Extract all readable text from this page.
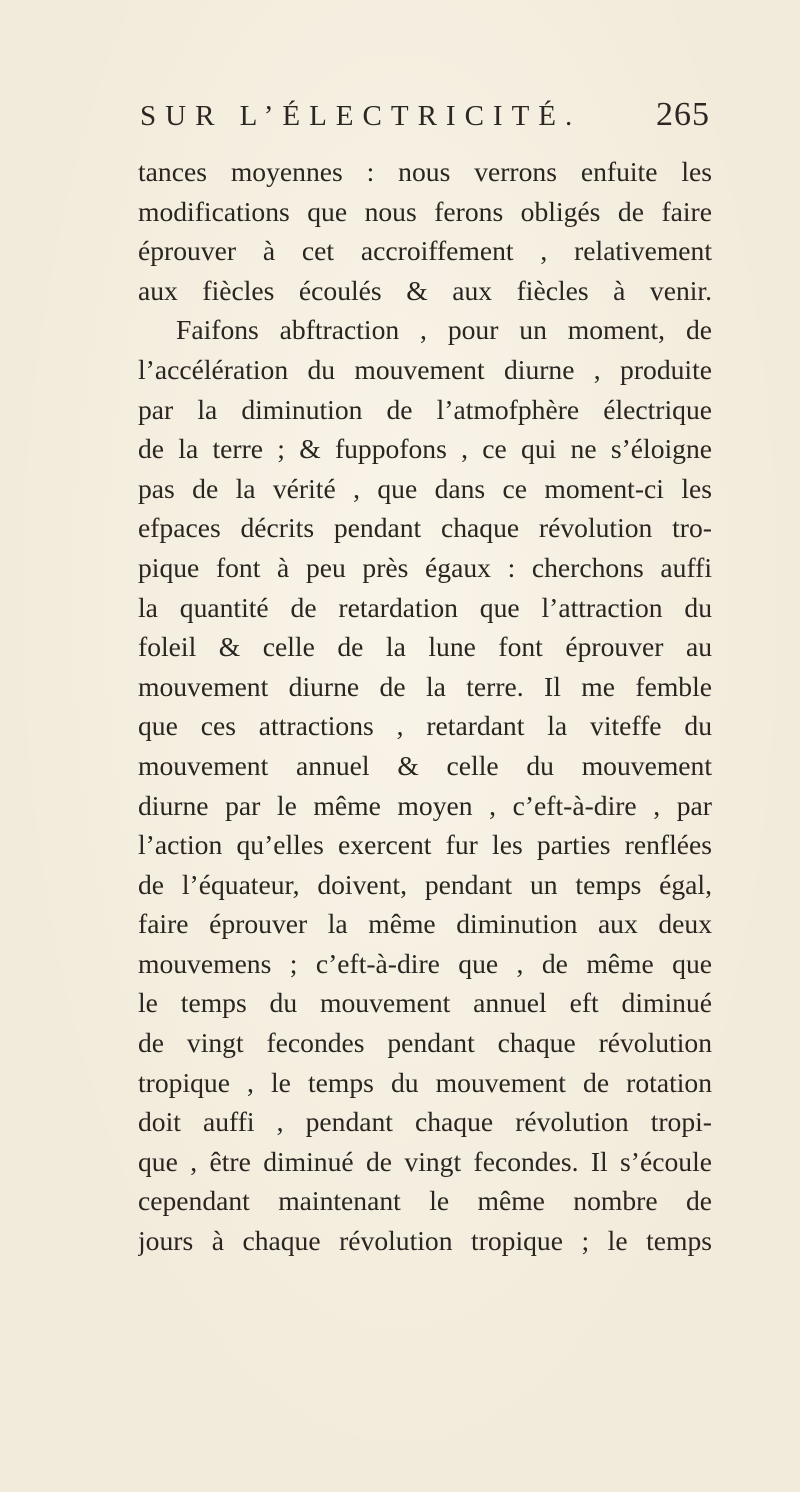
SUR L’ÉLECTRICITÉ. 265
tances moyennes : nous verrons enfuite les
modifications que nous ferons obligés de faire
éprouver à cet accroiffement , relativement
aux fiècles écoulés & aux fiècles à venir.
Faifons abftraction , pour un moment, de
l’accélération du mouvement diurne , produite
par la diminution de l’atmofphère électrique
de la terre ; & fuppofons , ce qui ne s’éloigne
pas de la vérité , que dans ce moment-ci les
efpaces décrits pendant chaque révolution tro-
pique font à peu près égaux : cherchons auffi
la quantité de retardation que l’attraction du
foleil & celle de la lune font éprouver au
mouvement diurne de la terre. Il me femble
que ces attractions , retardant la viteffe du
mouvement annuel & celle du mouvement
diurne par le même moyen , c’eft-à-dire , par
l’action qu’elles exercent fur les parties renflées
de l’équateur, doivent, pendant un temps égal,
faire éprouver la même diminution aux deux
mouvemens ; c’eft-à-dire que , de même que
le temps du mouvement annuel eft diminué
de vingt fecondes pendant chaque révolution
tropique , le temps du mouvement de rotation
doit auffi , pendant chaque révolution tropi-
que , être diminué de vingt fecondes. Il s’écoule
cependant maintenant le même nombre de
jours à chaque révolution tropique ; le temps
